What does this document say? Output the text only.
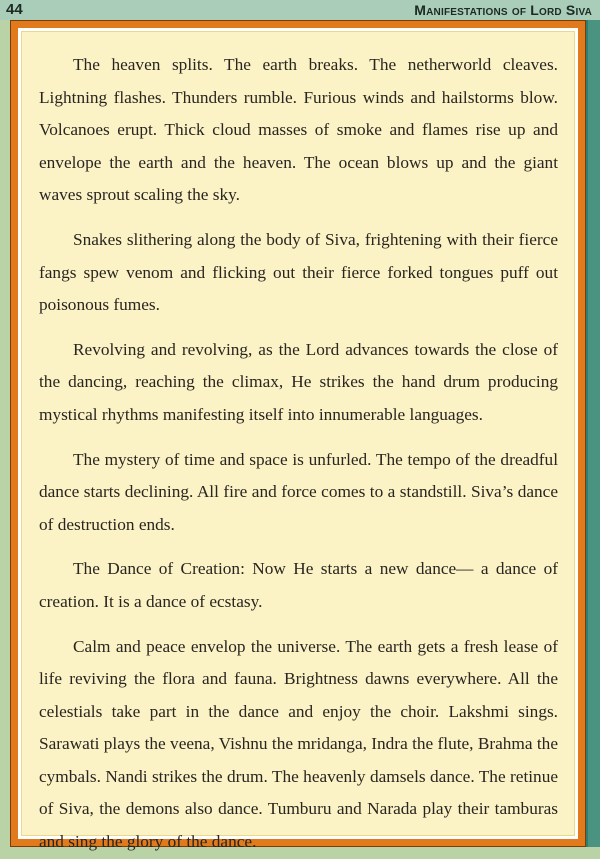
44	Manifestations of Lord Siva

The heaven splits. The earth breaks. The netherworld cleaves. Lightning flashes. Thunders rumble. Furious winds and hailstorms blow. Volcanoes erupt. Thick cloud masses of smoke and flames rise up and envelope the earth and the heaven. The ocean blows up and the giant waves sprout scaling the sky.

Snakes slithering along the body of Siva, frightening with their fierce fangs spew venom and flicking out their fierce forked tongues puff out poisonous fumes.

Revolving and revolving, as the Lord advances towards the close of the dancing, reaching the climax, He strikes the hand drum producing mystical rhythms manifesting itself into innumerable languages.

The mystery of time and space is unfurled. The tempo of the dreadful dance starts declining. All fire and force comes to a standstill. Siva’s dance of destruction ends.

The Dance of Creation: Now He starts a new dance— a dance of creation. It is a dance of ecstasy.

Calm and peace envelop the universe. The earth gets a fresh lease of life reviving the flora and fauna. Brightness dawns everywhere. All the celestials take part in the dance and enjoy the choir. Lakshmi sings. Sarawati plays the veena, Vishnu the mridanga, Indra the flute, Brahma the cymbals. Nandi strikes the drum. The heavenly damsels dance. The retinue of Siva, the demons also dance. Tumburu and Narada play their tamburas and sing the glory of the dance.
